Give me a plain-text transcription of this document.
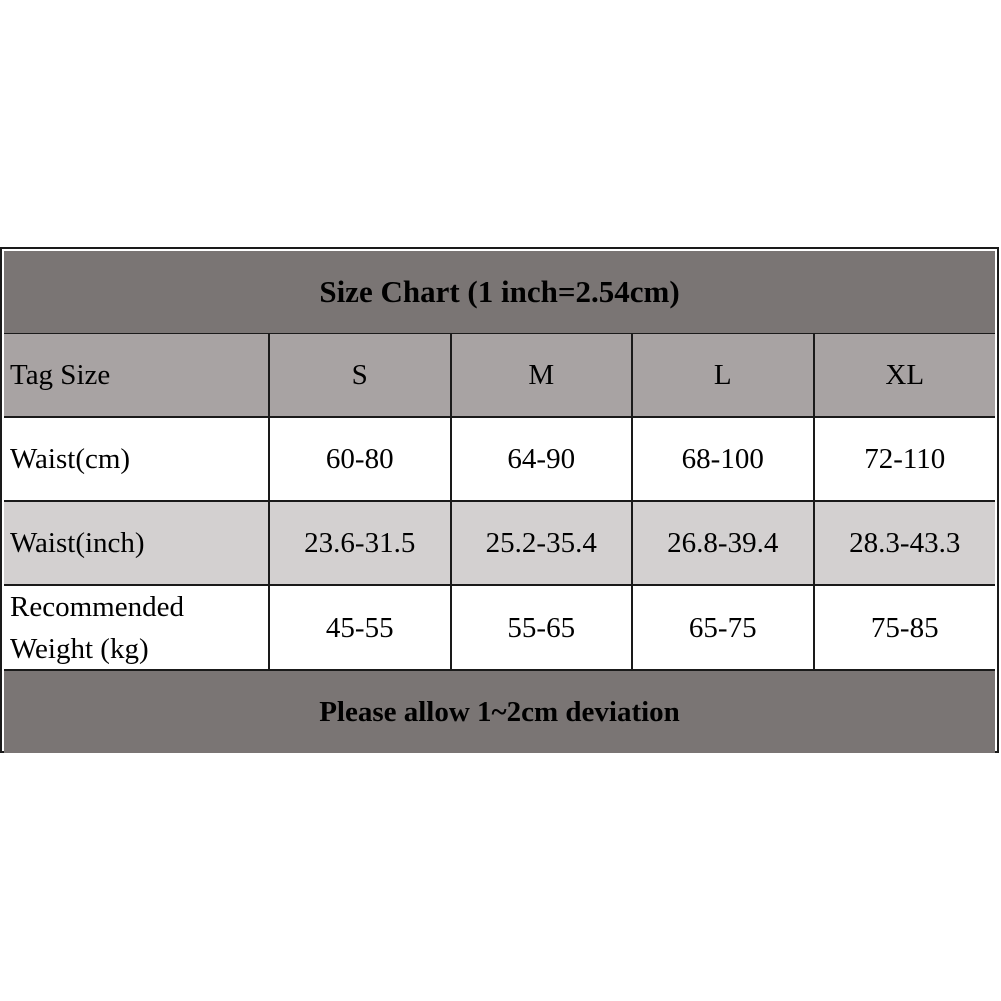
Size Chart (1 inch=2.54cm)
Tag Size	S	M	L	XL
Waist(cm)	60-80	64-90	68-100	72-110
Waist(inch)	23.6-31.5	25.2-35.4	26.8-39.4	28.3-43.3

Recommended
Weight (kg)	45-55	55-65	65-75	75-85
Please allow 1~2cm deviation
